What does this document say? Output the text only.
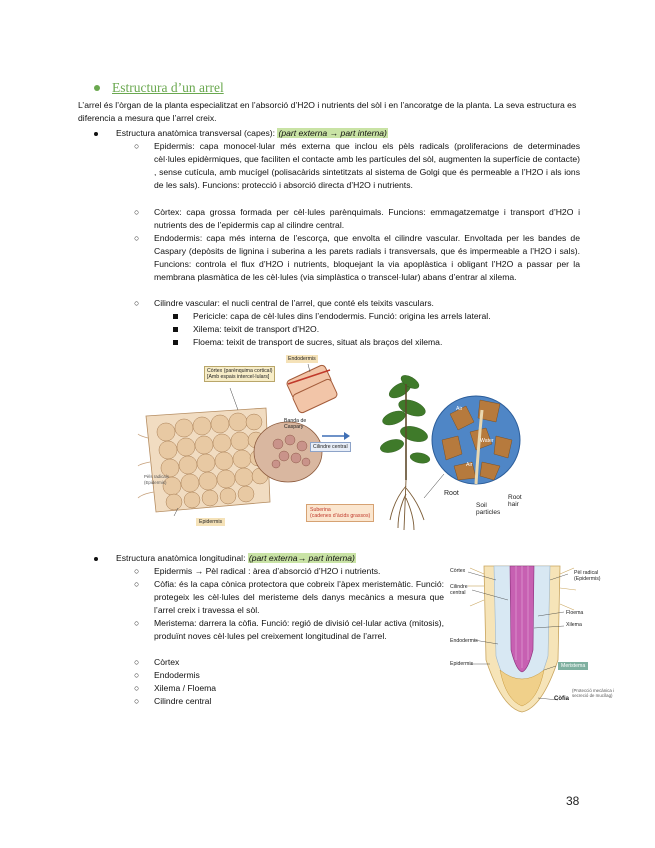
Estructura d’un arrel
L’arrel és l’òrgan de la planta especialitzat en l’absorció d’H2O i nutrients del sòl i en l’ancoratge de la planta. La seva estructura es diferencia a mesura que l’arrel creix.
Estructura anatòmica transversal (capes): (part externa → part interna)
○ Epidermis: capa monocel·lular més externa que inclou els pèls radicals (proliferacions de determinades cèl·lules epidèrmiques, que faciliten el contacte amb les partícules del sòl, augmenten la superfície de contacte) , sense cutícula, amb mucígel (polisacàrids sintetitzats al sistema de Golgi que és permeable a l’H2O i als ions de les sals). Funcions: protecció i absorció directa d’H2O i nutrients.
○ Còrtex: capa grossa formada per cèl·lules parènquimals. Funcions: emmagatzematge i transport d’H2O i nutrients des de l’epidermis cap al cilindre central.
○ Endodermis: capa més interna de l’escorça, que envolta el cilindre vascular. Envoltada per les bandes de Caspary (depòsits de lignina i suberina a les parets radials i transversals, que és impermeable a l’H2O i sals). Funcions: controla el flux d’H2O i nutrients, bloquejant la via apoplàstica i obligant l’H2O a passar per la membrana plasmàtica de les cèl·lules (via simplàstica o transcel·lular) abans d’entrar al xilema.
○ Cilindre vascular: el nucli central de l’arrel, que conté els teixits vasculars.
Pericicle: capa de cèl·lules dins l’endodermis. Funció: origina les arrels lateral.
Xilema: teixit de transport d’H2O.
Floema: teixit de transport de sucres, situat als braços del xilema.
Còrtex (parènquima cortical)
[Amb espais intercel·lulars]
Endodermis
Banda de Caspary
Cilindre central
Pèls radicals (Epidermis)
Epidermis
Suberina
(cadenes d’àcids grassos)
Air
Air
Water
Root
Soil particles
Root hair
Estructura anatòmica longitudinal: (part externa→ part interna)
○ Epidermis → Pèl radical : àrea d’absorció d’H2O i nutrients.
○ Còfia: és la capa cònica protectora que cobreix l’àpex meristemàtic. Funció: protegeix les cèl·lules del meristeme dels danys mecànics a mesura que l’arrel creix i travessa el sòl.
○ Meristema: darrera la còfia. Funció: regió de divisió cel·lular activa (mitosis), produïnt noves cèl·lules pel creixement longitudinal de l’arrel.
○ Còrtex
○ Endodermis
○ Xilema / Floema
○ Cilindre central
Còrtex
Cilindre central
Pèl radical (Epidermis)
Floema
Xilema
Endodermis
Epidermis	Meristema
Còfia
(Protecció mecànica i secreció de mucílag)
38
